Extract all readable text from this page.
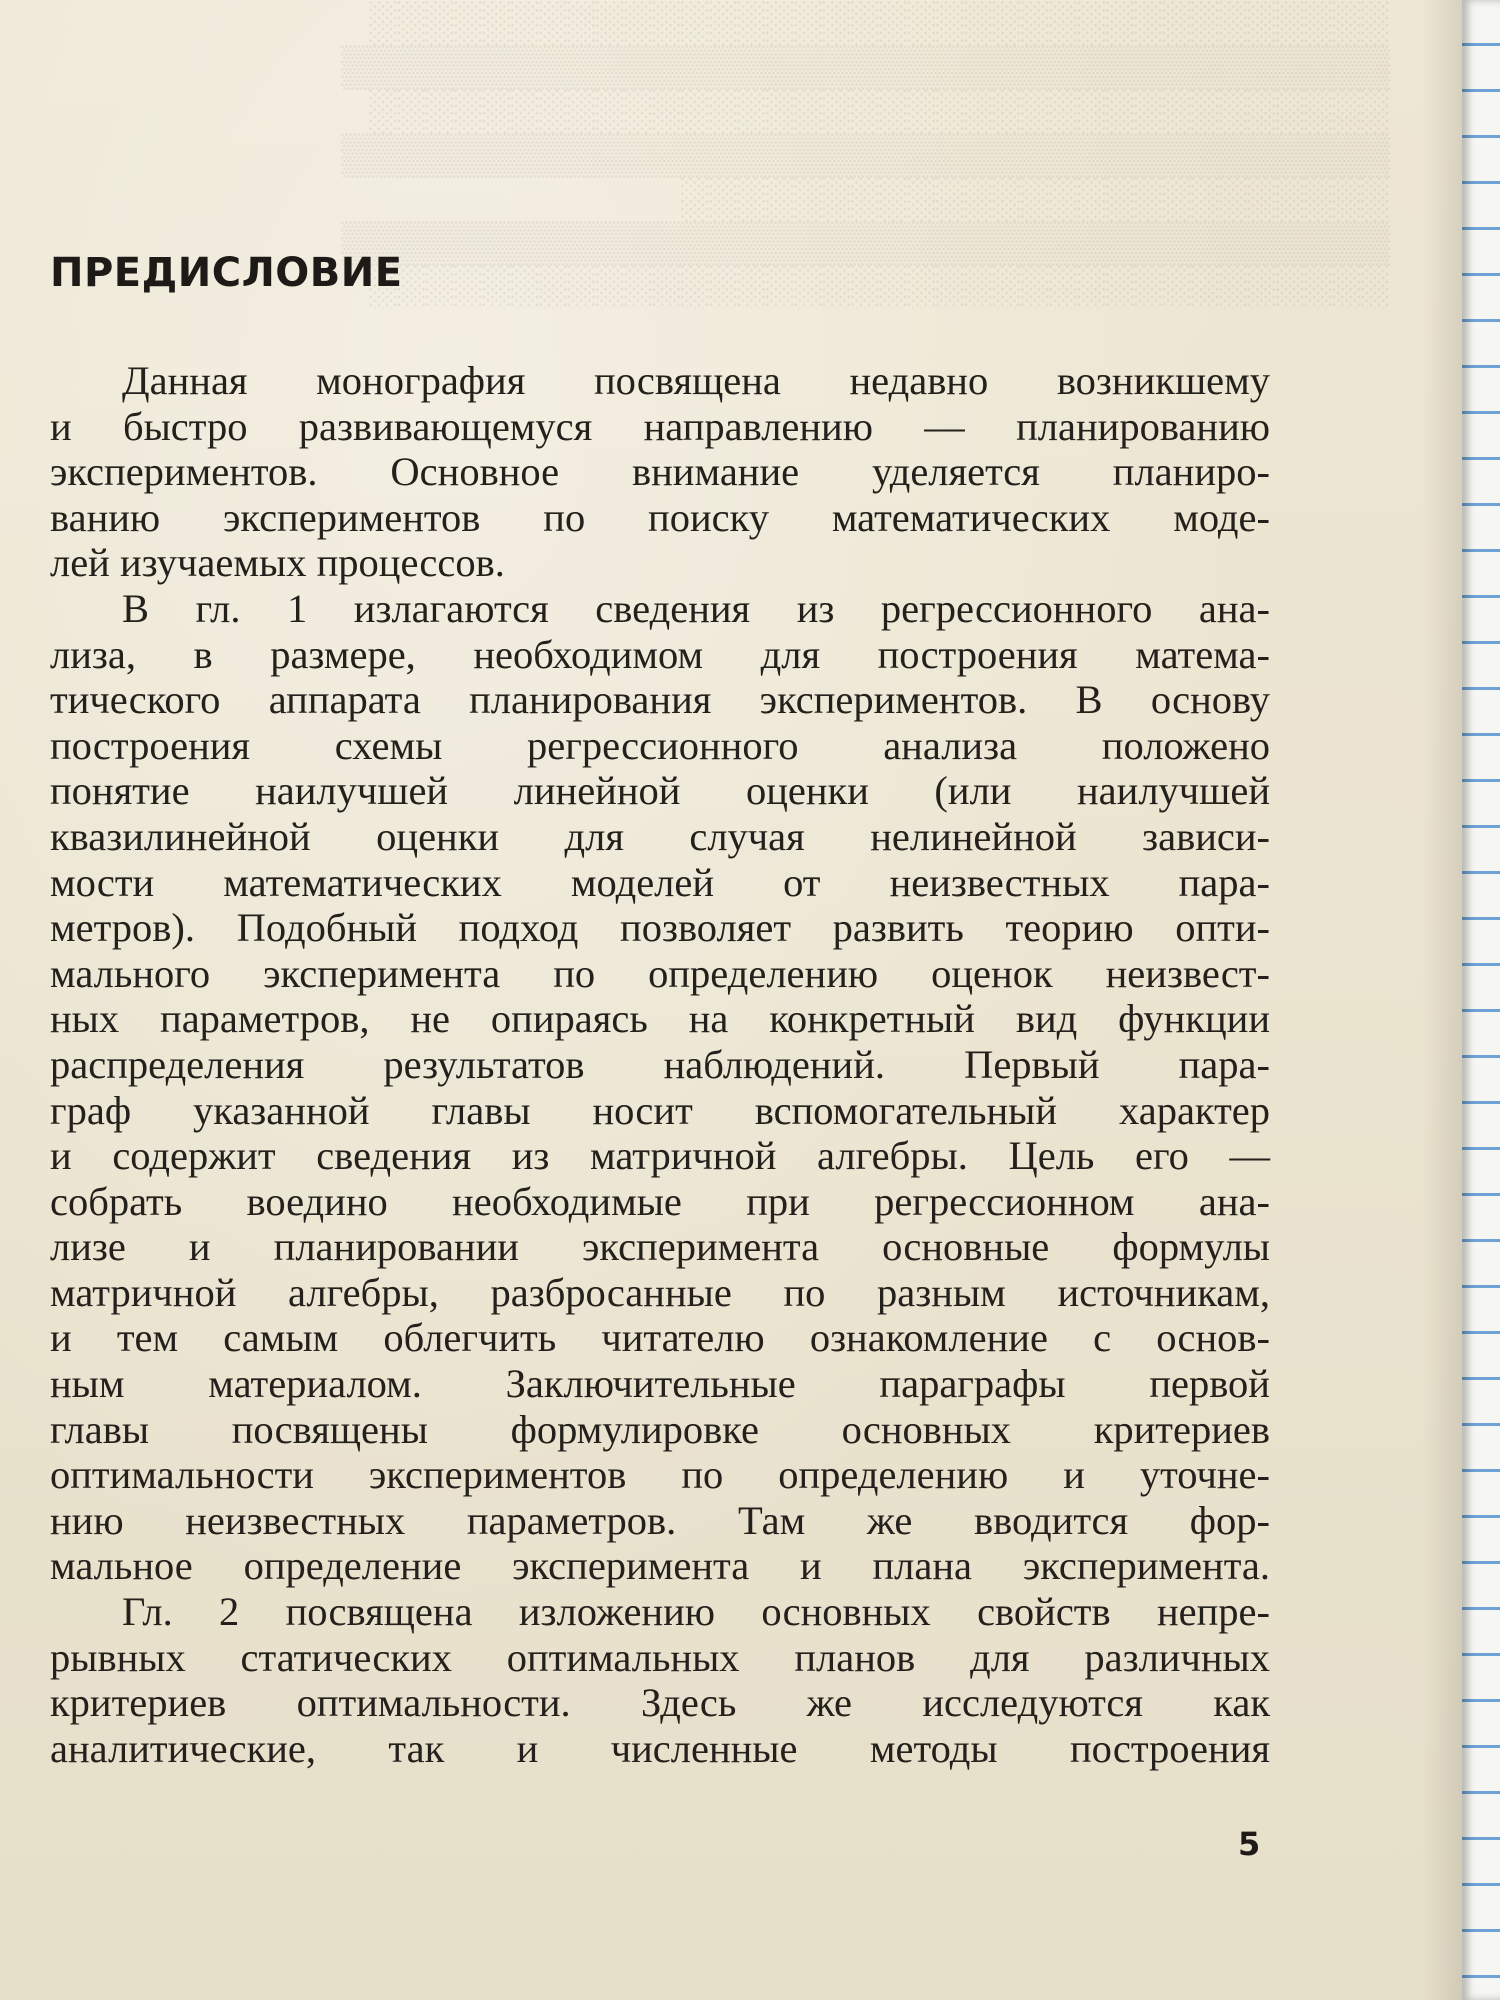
░░░░░░░░░░░░░░░░░░░░░░░░░░░░░░░░░░░░
▒▒▒▒▒▒▒▒▒▒▒▒▒▒▒▒▒▒▒▒▒▒▒▒▒▒▒▒▒▒▒▒▒▒▒▒▒
░░░░░░░░░░░░░░░░░░░░░░░░░░░░░░░░░░░░
▒▒▒▒▒▒▒▒▒▒▒▒▒▒▒▒▒▒▒▒▒▒▒▒▒▒▒▒▒▒▒▒▒▒▒▒▒
░░░░░░░░░░░░░░░░░░░░░░░░░
▒▒▒▒▒▒▒▒▒▒▒▒▒▒▒▒▒▒▒▒▒▒▒▒▒▒▒▒▒▒▒▒▒▒▒▒▒
░░░░░░░░░░░░░░░░░░░░░░░░░░░░░░░░░░░░
ПРЕДИСЛОВИЕ

Данная монография посвящена недавно возникшему
и быстро развивающемуся направлению — планированию
экспериментов. Основное внимание уделяется планиро-
ванию экспериментов по поиску математических моде-
лей изучаемых процессов.

В гл. 1 излагаются сведения из регрессионного ана-
лиза, в размере, необходимом для построения матема-
тического аппарата планирования экспериментов. В основу
построения схемы регрессионного анализа положено
понятие наилучшей линейной оценки (или наилучшей
квазилинейной оценки для случая нелинейной зависи-
мости математических моделей от неизвестных пара-
метров). Подобный подход позволяет развить теорию опти-
мального эксперимента по определению оценок неизвест-
ных параметров, не опираясь на конкретный вид функции
распределения результатов наблюдений. Первый пара-
граф указанной главы носит вспомогательный характер
и содержит сведения из матричной алгебры. Цель его —
собрать воедино необходимые при регрессионном ана-
лизе и планировании эксперимента основные формулы
матричной алгебры, разбросанные по разным источникам,
и тем самым облегчить читателю ознакомление с основ-
ным материалом. Заключительные параграфы первой
главы посвящены формулировке основных критериев
оптимальности экспериментов по определению и уточне-
нию неизвестных параметров. Там же вводится фор-
мальное определение эксперимента и плана эксперимента.

Гл. 2 посвящена изложению основных свойств непре-
рывных статических оптимальных планов для различных
критериев оптимальности. Здесь же исследуются как
аналитические, так и численные методы построения

5
